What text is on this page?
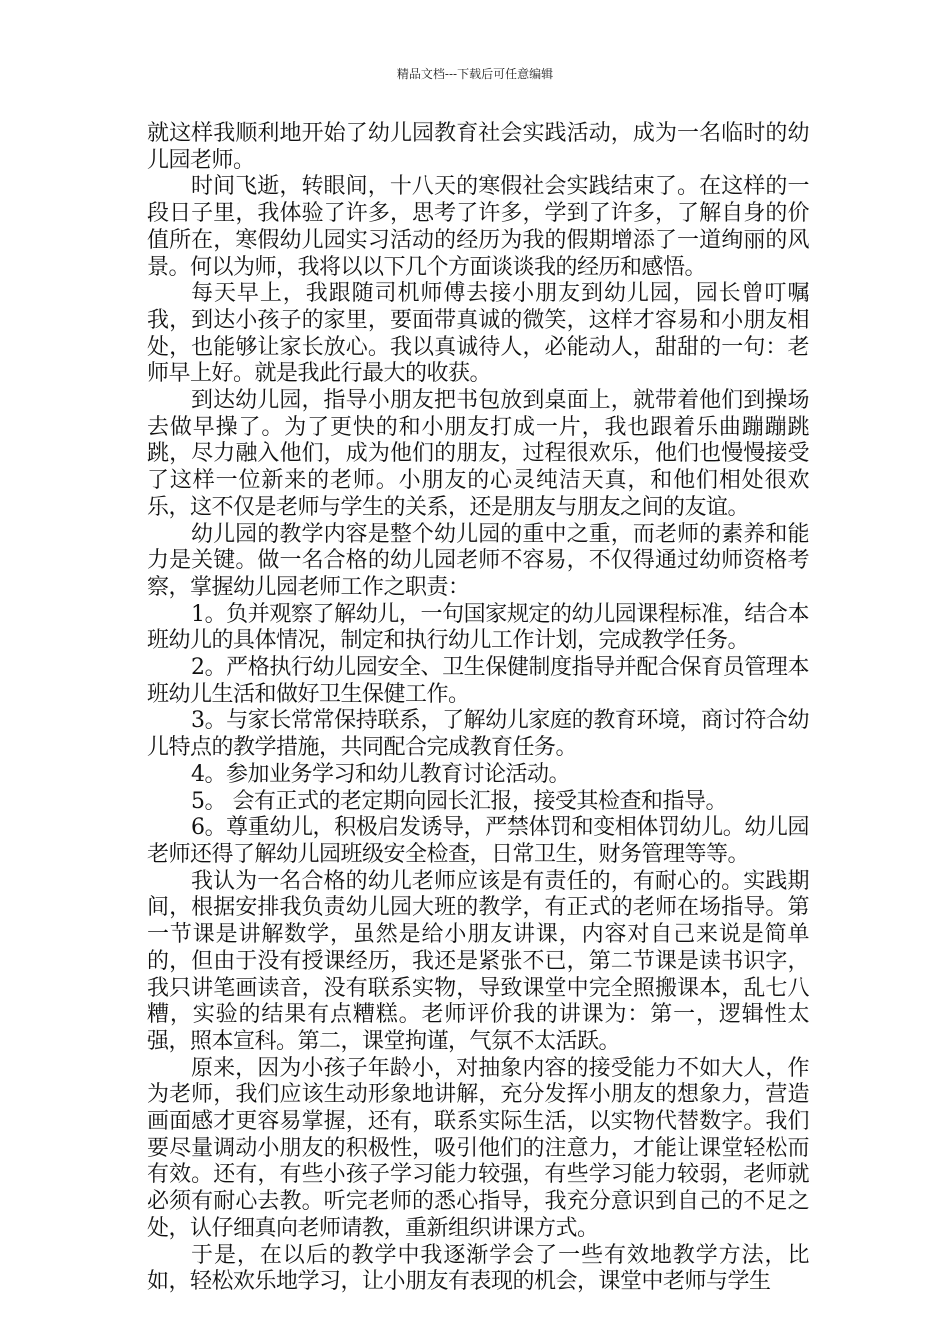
精品文档---下载后可任意编辑

就这样我顺利地开始了幼儿园教育社会实践活动，成为一名临时的幼儿园老师。

时间飞逝，转眼间，十八天的寒假社会实践结束了。在这样的一段日子里，我体验了许多，思考了许多，学到了许多，了解自身的价值所在，寒假幼儿园实习活动的经历为我的假期增添了一道绚丽的风景。何以为师，我将以以下几个方面谈谈我的经历和感悟。

每天早上，我跟随司机师傅去接小朋友到幼儿园，园长曾叮嘱我，到达小孩子的家里，要面带真诚的微笑，这样才容易和小朋友相处，也能够让家长放心。我以真诚待人，必能动人，甜甜的一句：老师早上好。就是我此行最大的收获。

到达幼儿园，指导小朋友把书包放到桌面上，就带着他们到操场去做早操了。为了更快的和小朋友打成一片，我也跟着乐曲蹦蹦跳跳，尽力融入他们，成为他们的朋友，过程很欢乐，他们也慢慢接受了这样一位新来的老师。小朋友的心灵纯洁天真，和他们相处很欢乐，这不仅是老师与学生的关系，还是朋友与朋友之间的友谊。

幼儿园的教学内容是整个幼儿园的重中之重，而老师的素养和能力是关键。做一名合格的幼儿园老师不容易，不仅得通过幼师资格考察，掌握幼儿园老师工作之职责：

1。负并观察了解幼儿，一句国家规定的幼儿园课程标准，结合本班幼儿的具体情况，制定和执行幼儿工作计划，完成教学任务。

2。严格执行幼儿园安全、卫生保健制度指导并配合保育员管理本班幼儿生活和做好卫生保健工作。

3。与家长常常保持联系，了解幼儿家庭的教育环境，商讨符合幼儿特点的教学措施，共同配合完成教育任务。

4。参加业务学习和幼儿教育讨论活动。

5。 会有正式的老定期向园长汇报，接受其检查和指导。

6。尊重幼儿，积极启发诱导，严禁体罚和变相体罚幼儿。幼儿园老师还得了解幼儿园班级安全检查，日常卫生，财务管理等等。

我认为一名合格的幼儿老师应该是有责任的，有耐心的。实践期间，根据安排我负责幼儿园大班的教学，有正式的老师在场指导。第一节课是讲解数学，虽然是给小朋友讲课，内容对自己来说是简单的，但由于没有授课经历，我还是紧张不已，第二节课是读书识字，我只讲笔画读音，没有联系实物，导致课堂中完全照搬课本，乱七八糟，实验的结果有点糟糕。老师评价我的讲课为：第一，逻辑性太强，照本宣科。第二，课堂拘谨，气氛不太活跃。

原来，因为小孩子年龄小，对抽象内容的接受能力不如大人，作为老师，我们应该生动形象地讲解，充分发挥小朋友的想象力，营造画面感才更容易掌握，还有，联系实际生活，以实物代替数字。我们要尽量调动小朋友的积极性，吸引他们的注意力，才能让课堂轻松而有效。还有，有些小孩子学习能力较强，有些学习能力较弱，老师就必须有耐心去教。听完老师的悉心指导，我充分意识到自己的不足之处，认仔细真向老师请教，重新组织讲课方式。

于是，在以后的教学中我逐渐学会了一些有效地教学方法，比如，轻松欢乐地学习，让小朋友有表现的机会，课堂中老师与学生
